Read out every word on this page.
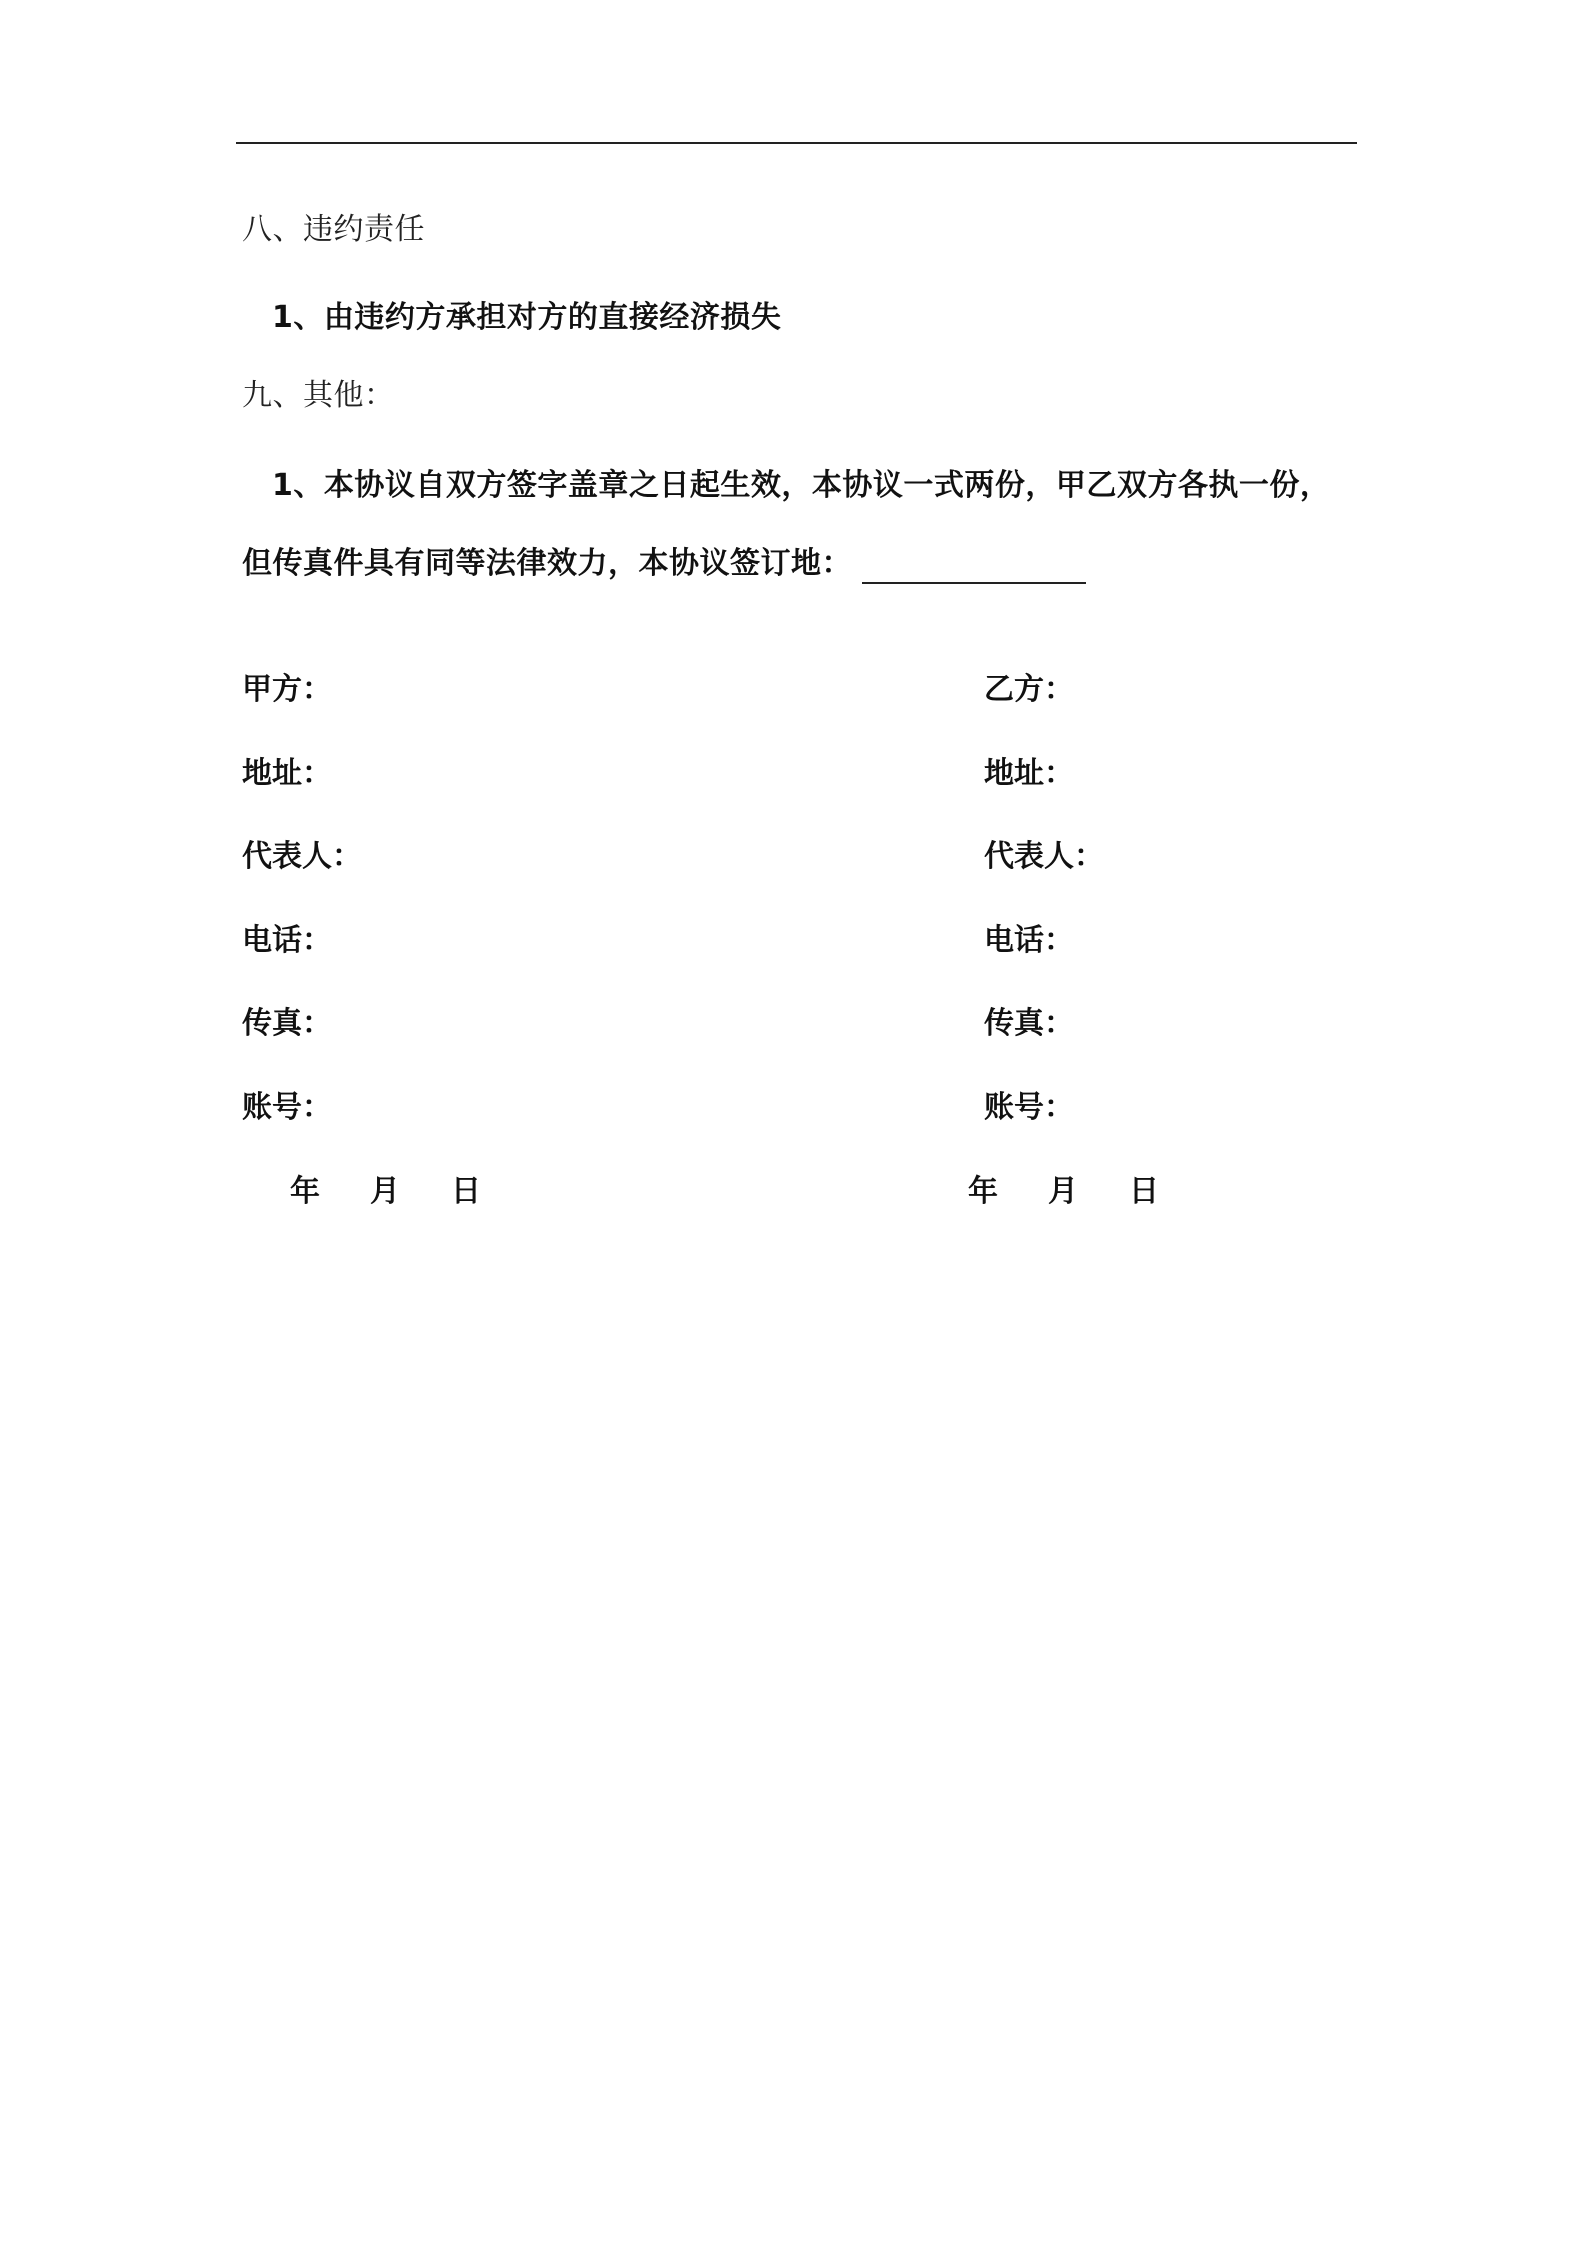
八、违约责任
1、由违约方承担对方的直接经济损失
九、其他：
1、本协议自双方签字盖章之日起生效，本协议一式两份，甲乙双方各执一份，
但传真件具有同等法律效力，本协议签订地：
甲方：
地址：
代表人：
电话：
传真：
账号：
年 月 日
乙方：
地址：
代表人：
电话：
传真：
账号：
年 月 日
